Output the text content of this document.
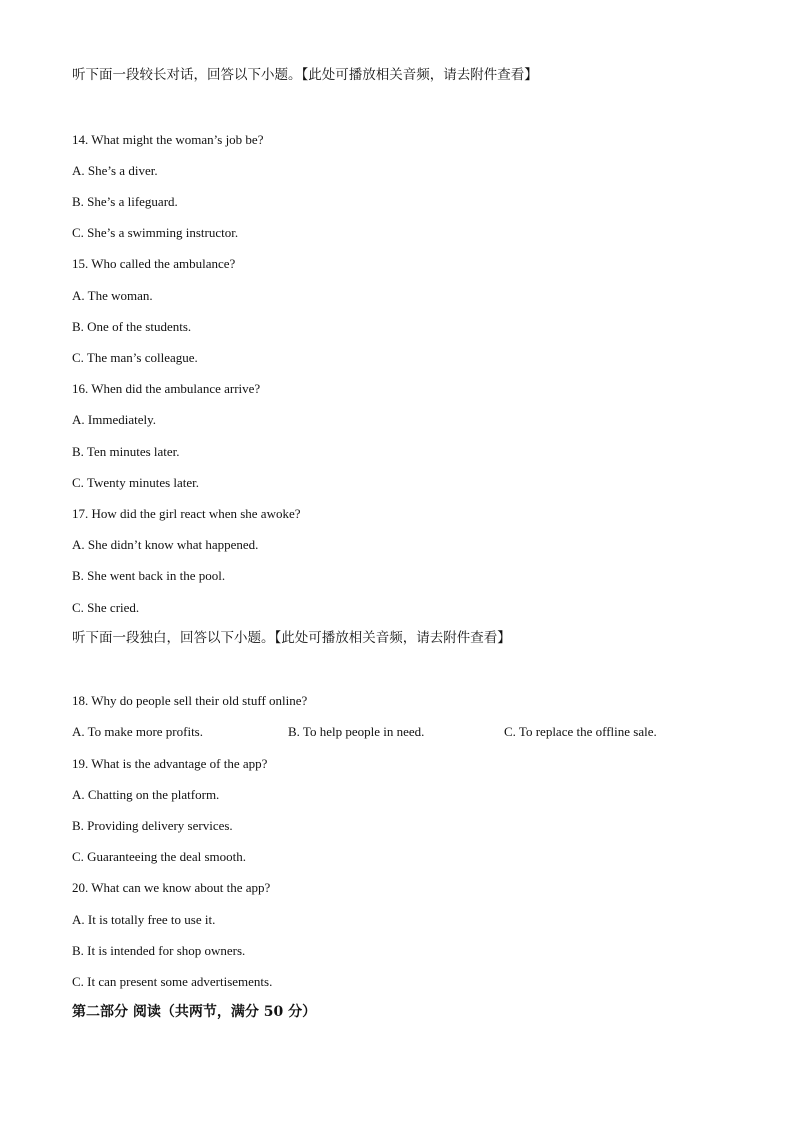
听下面一段较长对话，回答以下小题。【此处可播放相关音频，请去附件查看】
14. What might the woman’s job be?
A. She’s a diver.
B. She’s a lifeguard.
C. She’s a swimming instructor.
15. Who called the ambulance?
A. The woman.
B. One of the students.
C. The man’s colleague.
16. When did the ambulance arrive?
A. Immediately.
B. Ten minutes later.
C. Twenty minutes later.
17. How did the girl react when she awoke?
A. She didn’t know what happened.
B. She went back in the pool.
C. She cried.
听下面一段独白，回答以下小题。【此处可播放相关音频，请去附件查看】
18. Why do people sell their old stuff online?
A. To make more profits.	B. To help people in need.	C. To replace the offline sale.
19. What is the advantage of the app?
A. Chatting on the platform.
B. Providing delivery services.
C. Guaranteeing the deal smooth.
20. What can we know about the app?
A. It is totally free to use it.
B. It is intended for shop owners.
C. It can present some advertisements.
第二部分 阅读（共两节，满分 50 分）
